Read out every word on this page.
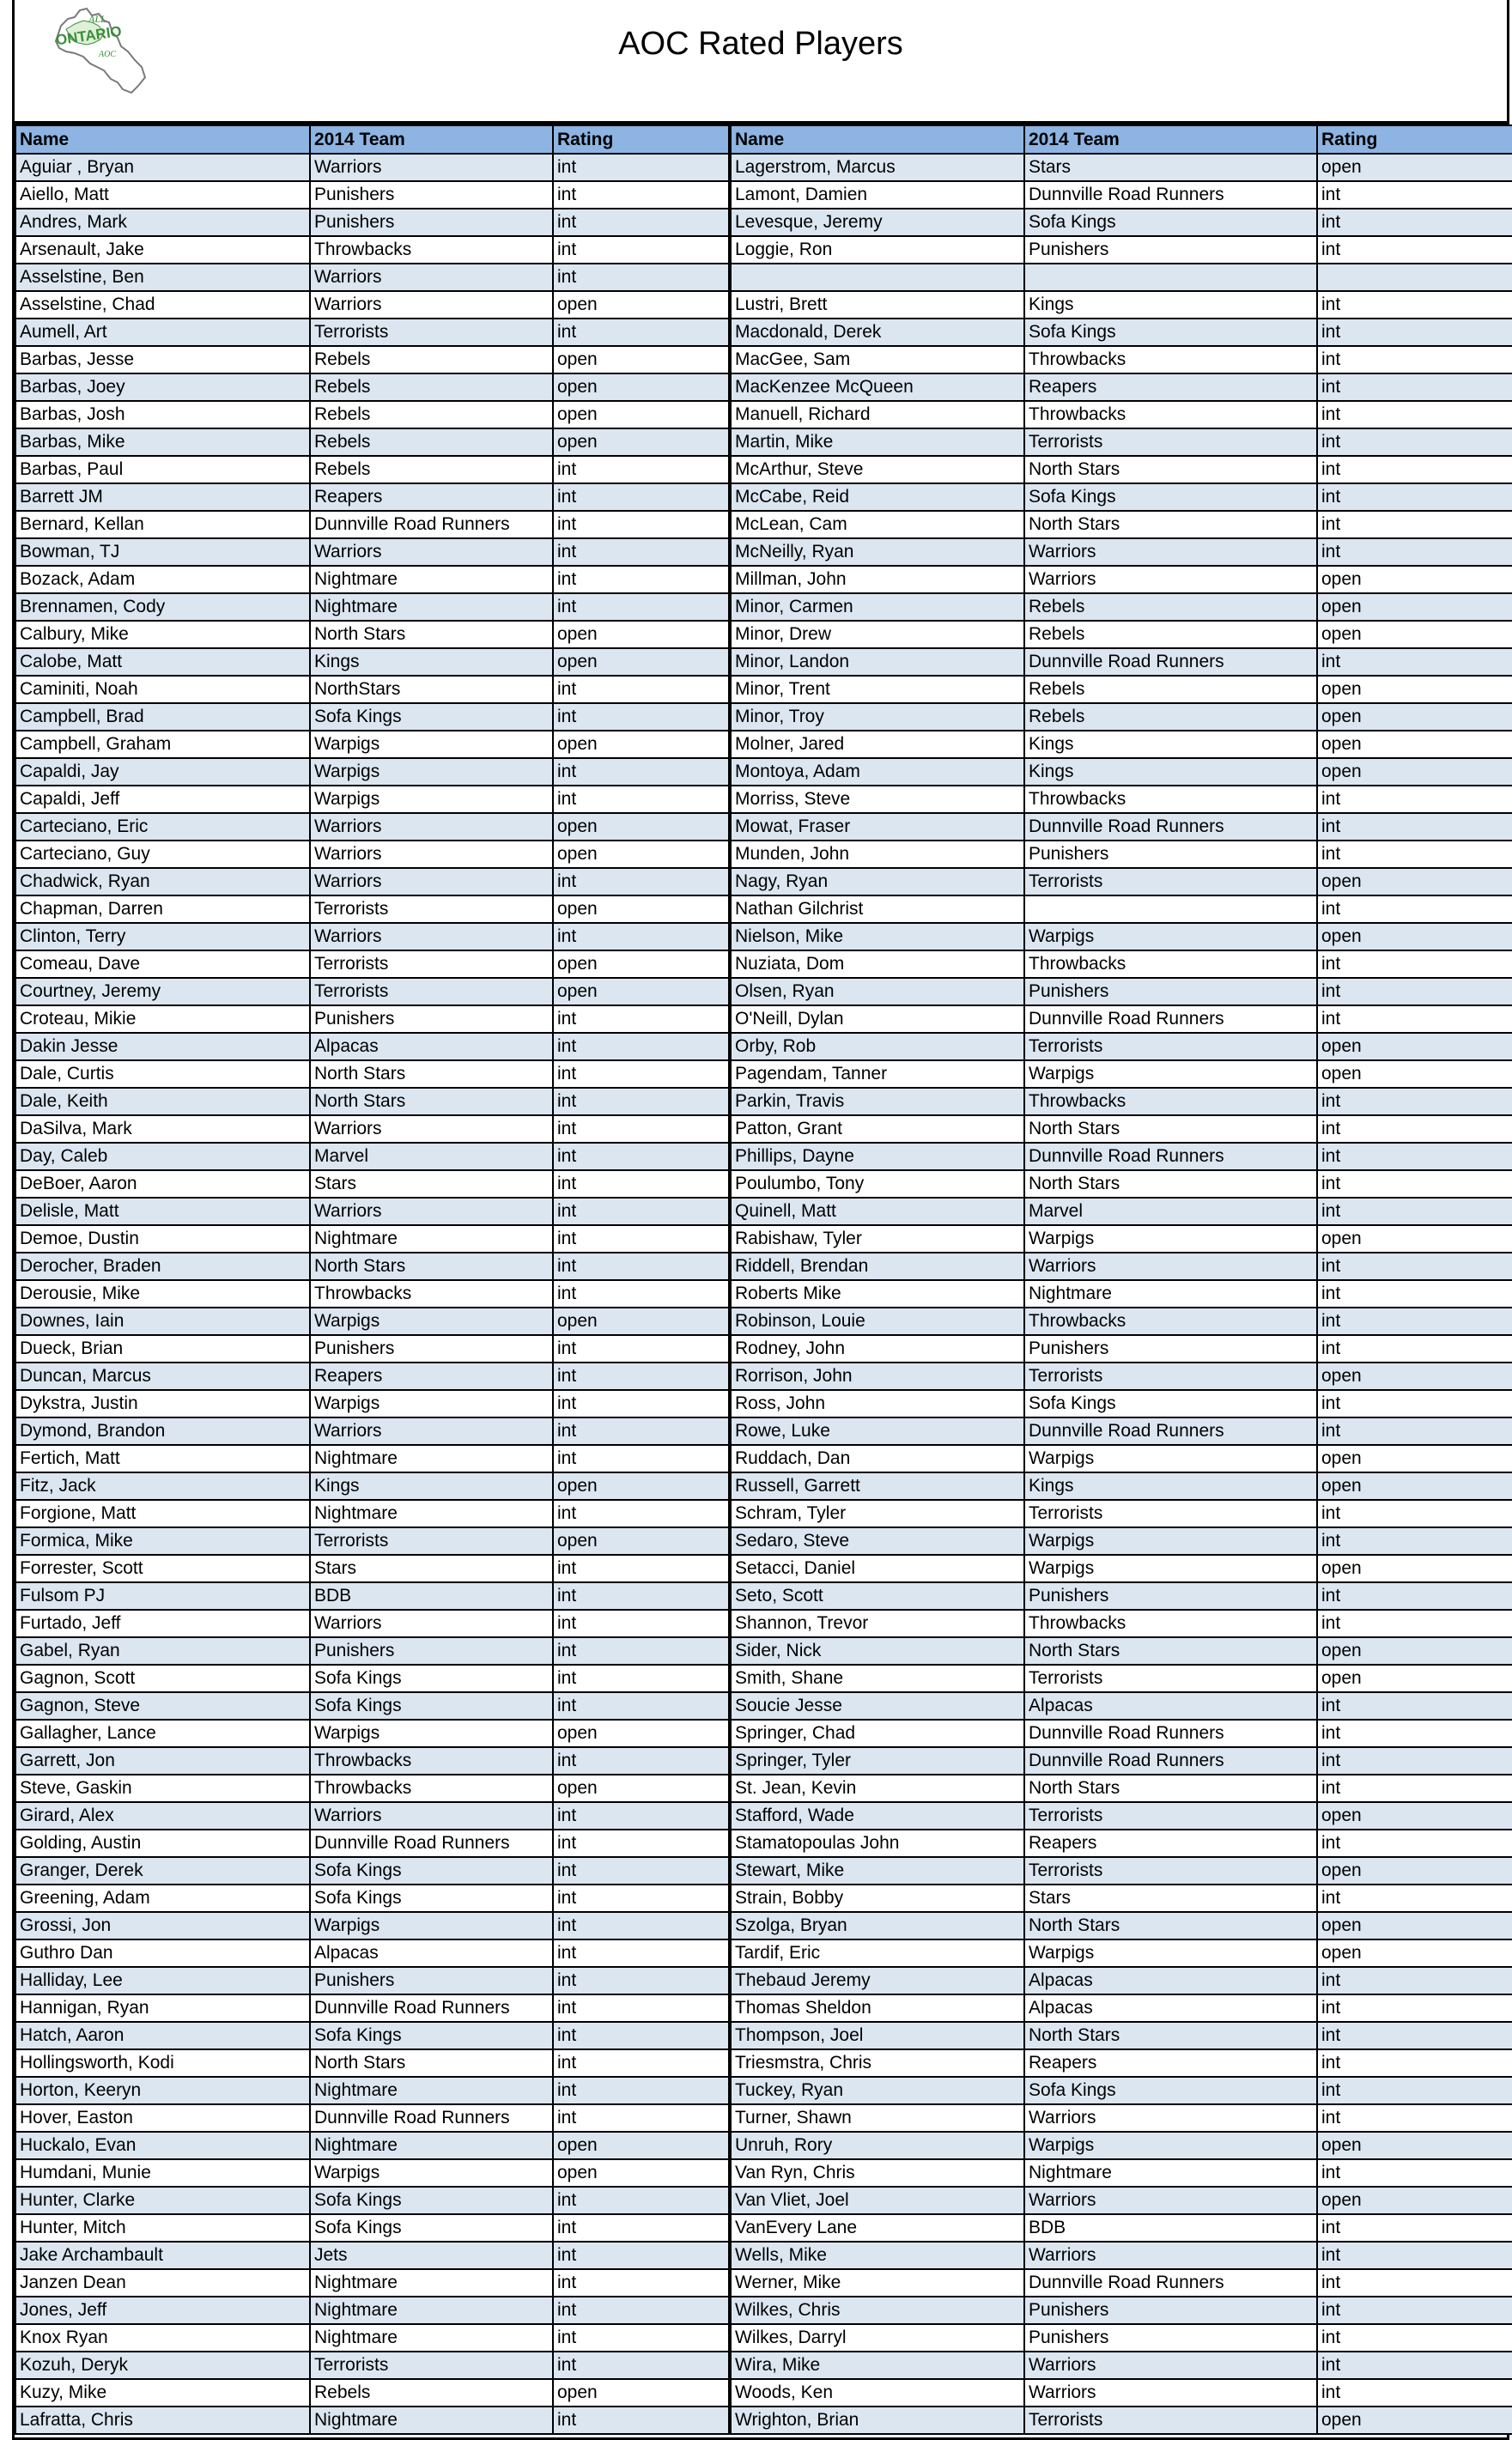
ALL
ONTARIO
AOC	AOC Rated Players
Name	2014 Team	Rating	Name	2014 Team	Rating
Aguiar , Bryan	Warriors	int	Lagerstrom, Marcus	Stars	open
Aiello, Matt	Punishers	int	Lamont, Damien	Dunnville Road Runners	int
Andres, Mark	Punishers	int	Levesque, Jeremy	Sofa Kings	int
Arsenault, Jake	Throwbacks	int	Loggie, Ron	Punishers	int
Asselstine, Ben	Warriors	int			
Asselstine, Chad	Warriors	open	Lustri, Brett	Kings	int
Aumell, Art	Terrorists	int	Macdonald, Derek	Sofa Kings	int
Barbas, Jesse	Rebels	open	MacGee, Sam	Throwbacks	int
Barbas, Joey	Rebels	open	MacKenzee McQueen	Reapers	int
Barbas, Josh	Rebels	open	Manuell, Richard	Throwbacks	int
Barbas, Mike	Rebels	open	Martin, Mike	Terrorists	int
Barbas, Paul	Rebels	int	McArthur, Steve	North Stars	int
Barrett JM	Reapers	int	McCabe, Reid	Sofa Kings	int
Bernard, Kellan	Dunnville Road Runners	int	McLean, Cam	North Stars	int
Bowman, TJ	Warriors	int	McNeilly, Ryan	Warriors	int
Bozack, Adam	Nightmare	int	Millman, John	Warriors	open
Brennamen, Cody	Nightmare	int	Minor, Carmen	Rebels	open
Calbury, Mike	North Stars	open	Minor, Drew	Rebels	open
Calobe, Matt	Kings	open	Minor, Landon	Dunnville Road Runners	int
Caminiti, Noah	NorthStars	int	Minor, Trent	Rebels	open
Campbell, Brad	Sofa Kings	int	Minor, Troy	Rebels	open
Campbell, Graham	Warpigs	open	Molner, Jared	Kings	open
Capaldi, Jay	Warpigs	int	Montoya, Adam	Kings	open
Capaldi, Jeff	Warpigs	int	Morriss, Steve	Throwbacks	int
Carteciano, Eric	Warriors	open	Mowat, Fraser	Dunnville Road Runners	int
Carteciano, Guy	Warriors	open	Munden, John	Punishers	int
Chadwick, Ryan	Warriors	int	Nagy, Ryan	Terrorists	open
Chapman, Darren	Terrorists	open	Nathan Gilchrist		int
Clinton, Terry	Warriors	int	Nielson, Mike	Warpigs	open
Comeau, Dave	Terrorists	open	Nuziata, Dom	Throwbacks	int
Courtney, Jeremy	Terrorists	open	Olsen, Ryan	Punishers	int
Croteau, Mikie	Punishers	int	O'Neill, Dylan	Dunnville Road Runners	int
Dakin Jesse	Alpacas	int	Orby, Rob	Terrorists	open
Dale, Curtis	North Stars	int	Pagendam, Tanner	Warpigs	open
Dale, Keith	North Stars	int	Parkin, Travis	Throwbacks	int
DaSilva, Mark	Warriors	int	Patton, Grant	North Stars	int
Day, Caleb	Marvel	int	Phillips, Dayne	Dunnville Road Runners	int
DeBoer, Aaron	Stars	int	Poulumbo, Tony	North Stars	int
Delisle, Matt	Warriors	int	Quinell, Matt	Marvel	int
Demoe, Dustin	Nightmare	int	Rabishaw, Tyler	Warpigs	open
Derocher, Braden	North Stars	int	Riddell, Brendan	Warriors	int
Derousie, Mike	Throwbacks	int	Roberts Mike	Nightmare	int
Downes, Iain	Warpigs	open	Robinson, Louie	Throwbacks	int
Dueck, Brian	Punishers	int	Rodney, John	Punishers	int
Duncan, Marcus	Reapers	int	Rorrison, John	Terrorists	open
Dykstra, Justin	Warpigs	int	Ross, John	Sofa Kings	int
Dymond, Brandon	Warriors	int	Rowe, Luke	Dunnville Road Runners	int
Fertich, Matt	Nightmare	int	Ruddach, Dan	Warpigs	open
Fitz, Jack	Kings	open	Russell, Garrett	Kings	open
Forgione, Matt	Nightmare	int	Schram, Tyler	Terrorists	int
Formica, Mike	Terrorists	open	Sedaro, Steve	Warpigs	int
Forrester, Scott	Stars	int	Setacci, Daniel	Warpigs	open
Fulsom PJ	BDB	int	Seto, Scott	Punishers	int
Furtado, Jeff	Warriors	int	Shannon, Trevor	Throwbacks	int
Gabel, Ryan	Punishers	int	Sider, Nick	North Stars	open
Gagnon, Scott	Sofa Kings	int	Smith, Shane	Terrorists	open
Gagnon, Steve	Sofa Kings	int	Soucie Jesse	Alpacas	int
Gallagher, Lance	Warpigs	open	Springer, Chad	Dunnville Road Runners	int
Garrett, Jon	Throwbacks	int	Springer, Tyler	Dunnville Road Runners	int
Steve, Gaskin	Throwbacks	open	St. Jean, Kevin	North Stars	int
Girard, Alex	Warriors	int	Stafford, Wade	Terrorists	open
Golding, Austin	Dunnville Road Runners	int	Stamatopoulas John	Reapers	int
Granger, Derek	Sofa Kings	int	Stewart, Mike	Terrorists	open
Greening, Adam	Sofa Kings	int	Strain, Bobby	Stars	int
Grossi, Jon	Warpigs	int	Szolga, Bryan	North Stars	open
Guthro Dan	Alpacas	int	Tardif, Eric	Warpigs	open
Halliday, Lee	Punishers	int	Thebaud Jeremy	Alpacas	int
Hannigan, Ryan	Dunnville Road Runners	int	Thomas Sheldon	Alpacas	int
Hatch, Aaron	Sofa Kings	int	Thompson, Joel	North Stars	int
Hollingsworth, Kodi	North Stars	int	Triesmstra, Chris	Reapers	int
Horton, Keeryn	Nightmare	int	Tuckey, Ryan	Sofa Kings	int
Hover, Easton	Dunnville Road Runners	int	Turner, Shawn	Warriors	int
Huckalo, Evan	Nightmare	open	Unruh, Rory	Warpigs	open
Humdani, Munie	Warpigs	open	Van Ryn, Chris	Nightmare	int
Hunter, Clarke	Sofa Kings	int	Van Vliet, Joel	Warriors	open
Hunter, Mitch	Sofa Kings	int	VanEvery Lane	BDB	int
Jake Archambault	Jets	int	Wells, Mike	Warriors	int
Janzen Dean	Nightmare	int	Werner, Mike	Dunnville Road Runners	int
Jones, Jeff	Nightmare	int	Wilkes, Chris	Punishers	int
Knox Ryan	Nightmare	int	Wilkes, Darryl	Punishers	int
Kozuh, Deryk	Terrorists	int	Wira, Mike	Warriors	int
Kuzy, Mike	Rebels	open	Woods, Ken	Warriors	int
Lafratta, Chris	Nightmare	int	Wrighton, Brian	Terrorists	open
